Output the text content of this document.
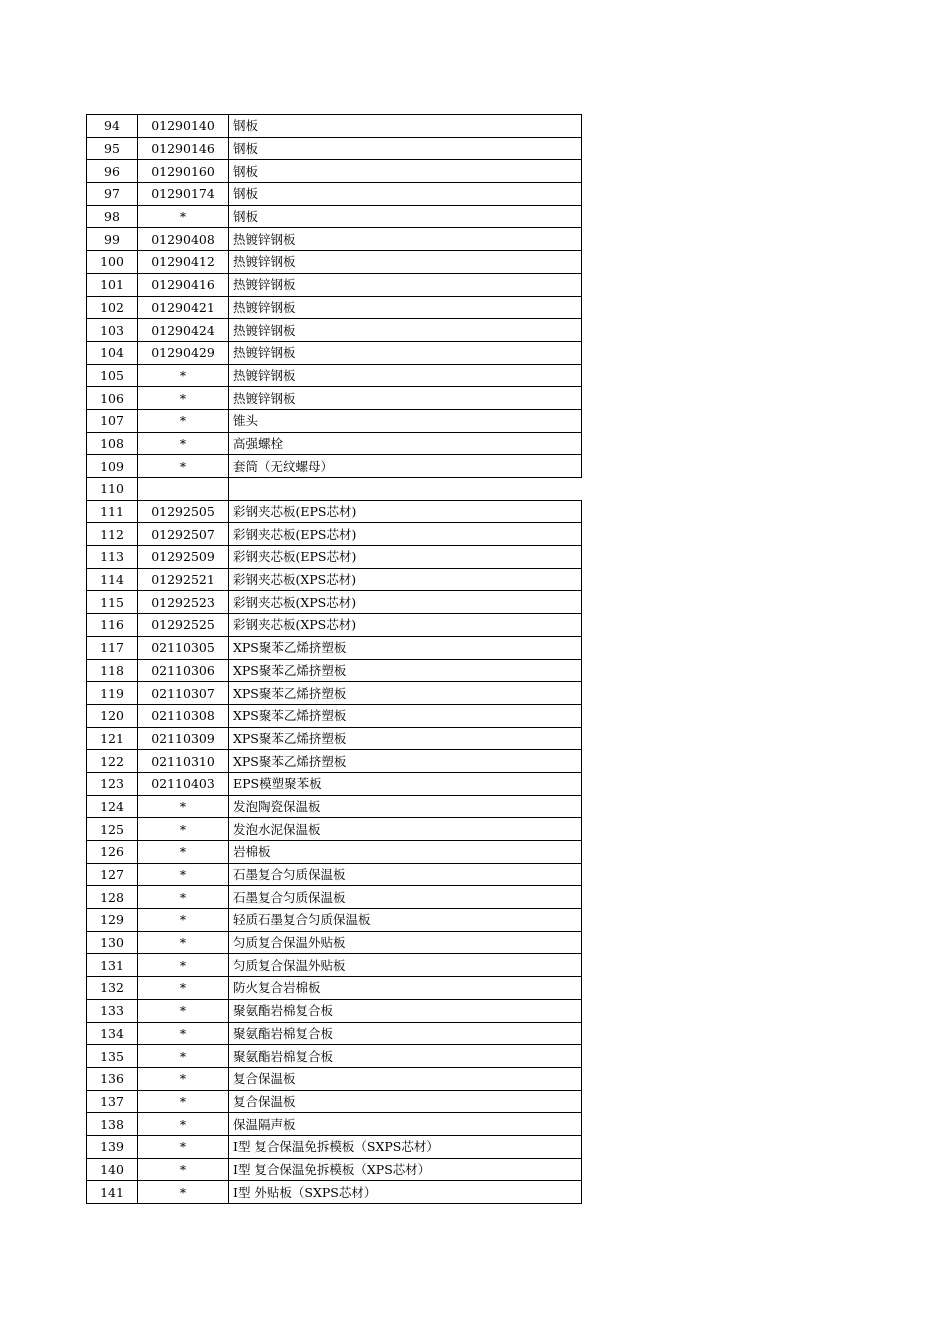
94	01290140	钢板
95	01290146	钢板
96	01290160	钢板
97	01290174	钢板
98	*	钢板
99	01290408	热镀锌钢板
100	01290412	热镀锌钢板
101	01290416	热镀锌钢板
102	01290421	热镀锌钢板
103	01290424	热镀锌钢板
104	01290429	热镀锌钢板
105	*	热镀锌钢板
106	*	热镀锌钢板
107	*	锥头
108	*	高强螺栓
109	*	套筒（无纹螺母）
110		
111	01292505	彩钢夹芯板(EPS芯材)
112	01292507	彩钢夹芯板(EPS芯材)
113	01292509	彩钢夹芯板(EPS芯材)
114	01292521	彩钢夹芯板(XPS芯材)
115	01292523	彩钢夹芯板(XPS芯材)
116	01292525	彩钢夹芯板(XPS芯材)
117	02110305	XPS聚苯乙烯挤塑板
118	02110306	XPS聚苯乙烯挤塑板
119	02110307	XPS聚苯乙烯挤塑板
120	02110308	XPS聚苯乙烯挤塑板
121	02110309	XPS聚苯乙烯挤塑板
122	02110310	XPS聚苯乙烯挤塑板
123	02110403	EPS模塑聚苯板
124	*	发泡陶瓷保温板
125	*	发泡水泥保温板
126	*	岩棉板
127	*	石墨复合匀质保温板
128	*	石墨复合匀质保温板
129	*	轻质石墨复合匀质保温板
130	*	匀质复合保温外贴板
131	*	匀质复合保温外贴板
132	*	防火复合岩棉板
133	*	聚氨酯岩棉复合板
134	*	聚氨酯岩棉复合板
135	*	聚氨酯岩棉复合板
136	*	复合保温板
137	*	复合保温板
138	*	保温隔声板
139	*	Ⅰ型 复合保温免拆模板（SXPS芯材）
140	*	Ⅰ型 复合保温免拆模板（XPS芯材）
141	*	Ⅰ型 外贴板（SXPS芯材）
